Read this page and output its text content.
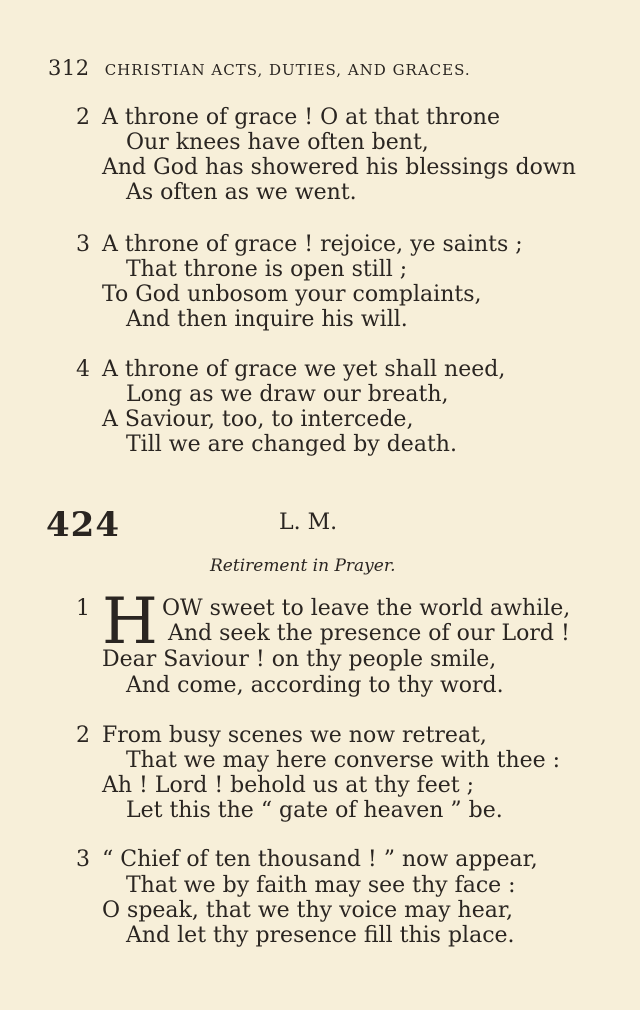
312 CHRISTIAN ACTS, DUTIES, AND GRACES.
2 A throne of grace ! O at that throne
Our knees have often bent,
And God has showered his blessings down
As often as we went.
3 A throne of grace ! rejoice, ye saints ;
That throne is open still ;
To God unbosom your complaints,
And then inquire his will.
4 A throne of grace we yet shall need,
Long as we draw our breath,
A Saviour, too, to intercede,
Till we are changed by death.
424	L. M.
Retirement in Prayer.
1 H OW sweet to leave the world awhile,
And seek the presence of our Lord !
Dear Saviour ! on thy people smile,
And come, according to thy word.
2 From busy scenes we now retreat,
That we may here converse with thee :
Ah ! Lord ! behold us at thy feet ;
Let this the “ gate of heaven ” be.
3 “ Chief of ten thousand ! ” now appear,
That we by faith may see thy face :
O speak, that we thy voice may hear,
And let thy presence fill this place.
